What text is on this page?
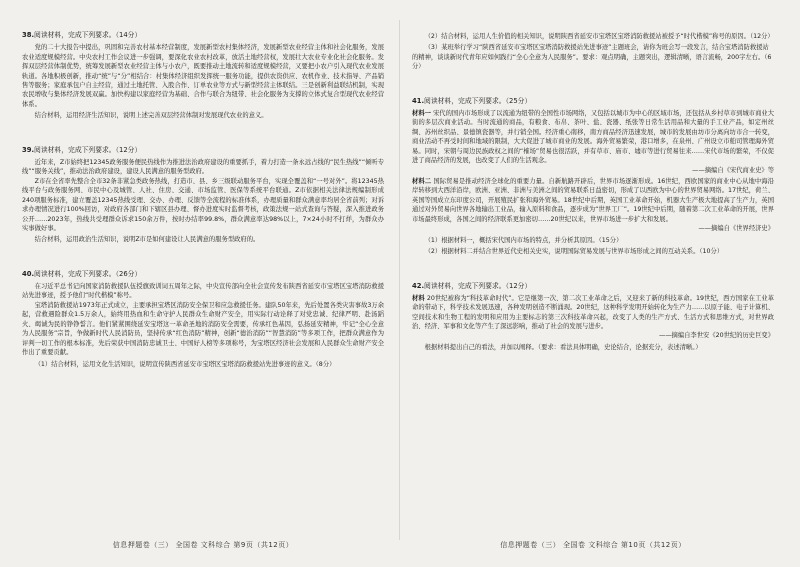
38.阅读材料，完成下列要求。（14分）

党的二十大报告中提出，巩固和完善农村基本经营制度，发展新型农村集体经济，发展新型农业经营主体和社会化服务，发展农业适度规模经营。中央农村工作会议进一步强调，要深化农业农村改革，放活土地经营权，发展壮大农业专业化社会化服务。发挥双层经营体制优势，统筹发展新型农业经营主体与小农户，既要推动土地流转和适度规模经营，又要把小农户引入现代农业发展轨道。各地积极创新，推动“统”与“分”相结合：村集体经济组织发挥统一服务功能，提供农资供应、农机作业、技术指导、产品销售等服务；家庭承包户自主经营，通过土地托管、入股合作、订单农业等方式与新型经营主体联结。三是创新利益联结机制，实现农民增收与集体经济发展双赢。加快构建以家庭经营为基础、合作与联合为纽带、社会化服务为支撑的立体式复合型现代农业经营体系。

结合材料，运用经济生活知识，说明上述完善双层经营体制对发展现代农业的意义。

39.阅读材料，完成下列要求。（12分）

近年来，Z市始终把12345政务服务便民热线作为推进法治政府建设的重要抓手，着力打造一条永远占线的“民生热线”“倾听专线”“服务关线”，推动法治政府建设，建设人民满意的服务型政府。

Z市在全省率先整合全市32条非紧急类政务热线，打造市、县、乡三级联动服务平台，实现全覆盖和“一号对外”。将12345热线平台与政务服务网、市民中心及城管、人社、住房、交通、市场监管、医保等系统平台联通。Z市依据相关法律法规编制形成240项服务标准，建立覆盖12345热线受理、交办、办理、反馈等全流程的标准体系，办理质量和群众满意率均居全省前列；对诉求办理情况进行100%回访，对政府各部门和下辖区县办理、督办进度实时监督考核，政策法规一站式查询与答疑，深入推进政务公开……2023年，热线共受理群众诉求150余万件，按时办结率99.8%，群众满意率达98%以上，7×24小时不打烊，为群众办实事做好事。

结合材料，运用政治生活知识，说明Z市是如何建设让人民满意的服务型政府的。

40.阅读材料，完成下列要求。（26分）

在习近平总书记向国家消防救援队伍授旗致训词五周年之际，中央宣传部向全社会宣传发布陕西省延安市宝塔区宝塔消防救援站先进事迹，授予他们“时代楷模”称号。

宝塔消防救援站1973年正式成立，主要承担宝塔区消防安全保卫和应急救援任务。建队50年来，先后处置各类灾害事故3万余起，营救遇险群众1.5万余人，始终用热血和生命守护人民群众生命财产安全，用实际行动诠释了对党忠诚、纪律严明、赴汤蹈火、竭诚为民的铮铮誓言。他们紧紧围绕延安宝塔这一革命圣地的消防安全需要，传承红色基因，弘扬延安精神，牢记“全心全意为人民服务”宗旨，争做新时代人民消防员，坚持传承“红色消防”精神，创新“德治消防”“智慧消防”等多项工作，把群众满意作为评判一切工作的根本标准，先后荣获中国消防忠诚卫士、中国好人榜等多项称号，为宝塔区经济社会发展和人民群众生命财产安全作出了重要贡献。

（1）结合材料，运用文化生活知识，说明宣传陕西省延安市宝塔区宝塔消防救援站先进事迹的意义。（8分）

信息押题卷（三） 全国卷 文科综合 第9页（共12页）

（2）结合材料，运用人生价值的相关知识，说明陕西省延安市宝塔区宝塔消防救援站被授予“时代楷模”称号的原因。（12分）

（3）某班举行学习“陕西省延安市宝塔区宝塔消防救援站先进事迹”主题班会，请你为班会写一段发言，结合宝塔消防救援站的精神，谈谈新时代青年应如何践行“全心全意为人民服务”。要求：观点明确，主题突出，逻辑清晰，语言流畅，200字左右。（6分）

41.阅读材料，完成下列要求。（25分）

材料一 宋代的国内市场形成了以流通为纽带的全国性市场网络，又包括以城市为中心的区域市场，还包括从乡村草市到城市商业大街的多层次商业活动。当时流通的商品，有粮食、布帛、茶叶、盐、瓷器、纸张等日常生活用品和大量的手工业产品，如定州丝绸、苏州丝织品、景德镇瓷器等，并行销全国。经济重心南移，南方商品经济迅速发展，城市的发展由坊市分离向坊市合一转变，商业活动不再受时间和地域的限制，大大促进了城市商业的发展。海外贸易繁荣，港口增多，在泉州、广州设立市舶司管理海外贸易。同时，宋朝与周边民族政权之间的“榷场”贸易也很活跃，并有草市、庙市、墟市等进行贸易往来……宋代市场的繁荣，不仅促进了商品经济的发展，也改变了人们的生活观念。

——摘编自《宋代商业史》等

材料二 国际贸易是推动经济全球化的重要力量。自新航路开辟后，世界市场逐渐形成。16世纪，西欧国家的商业中心从地中海沿岸转移到大西洋沿岸，欧洲、亚洲、非洲与美洲之间的贸易联系日益密切，形成了以西欧为中心的世界贸易网络。17世纪，荷兰、英国等国成立东印度公司，开展殖民扩张和海外贸易。18世纪中后期，英国工业革命开始，机器大生产极大地提高了生产力，英国通过对外贸易向世界各地输出工业品，输入原料和食品，逐步成为“世界工厂”。19世纪中后期，随着第二次工业革命的开展，世界市场最终形成，各国之间的经济联系更加密切……20世纪以来，世界市场进一步扩大和发展。

——摘编自《世界经济史》

（1）根据材料一，概括宋代国内市场的特点，并分析其原因。（15分）

（2）根据材料二并结合世界近代史相关史实，说明国际贸易发展与世界市场形成之间的互动关系。（10分）

42.阅读材料，完成下列要求。（12分）

材料 20世纪被称为“科技革命时代”。它是继第一次、第二次工业革命之后，又迎来了新的科技革命。19世纪，西方国家在工业革命的带动下，科学技术发展迅速，各种发明创造不断涌现。20世纪，这种科学发明开始转化为生产力……以原子能、电子计算机、空间技术和生物工程的发明和应用为主要标志的第三次科技革命兴起，改变了人类的生产方式、生活方式和思维方式，对世界政治、经济、军事和文化等产生了深远影响，推动了社会的发展与进步。

——摘编自李世安《20世纪的历史巨变》

根据材料提出自己的看法，并加以阐释。（要求：看法具体明确，史论结合，论据充分，表述清晰。）

信息押题卷（三） 全国卷 文科综合 第10页（共12页）
